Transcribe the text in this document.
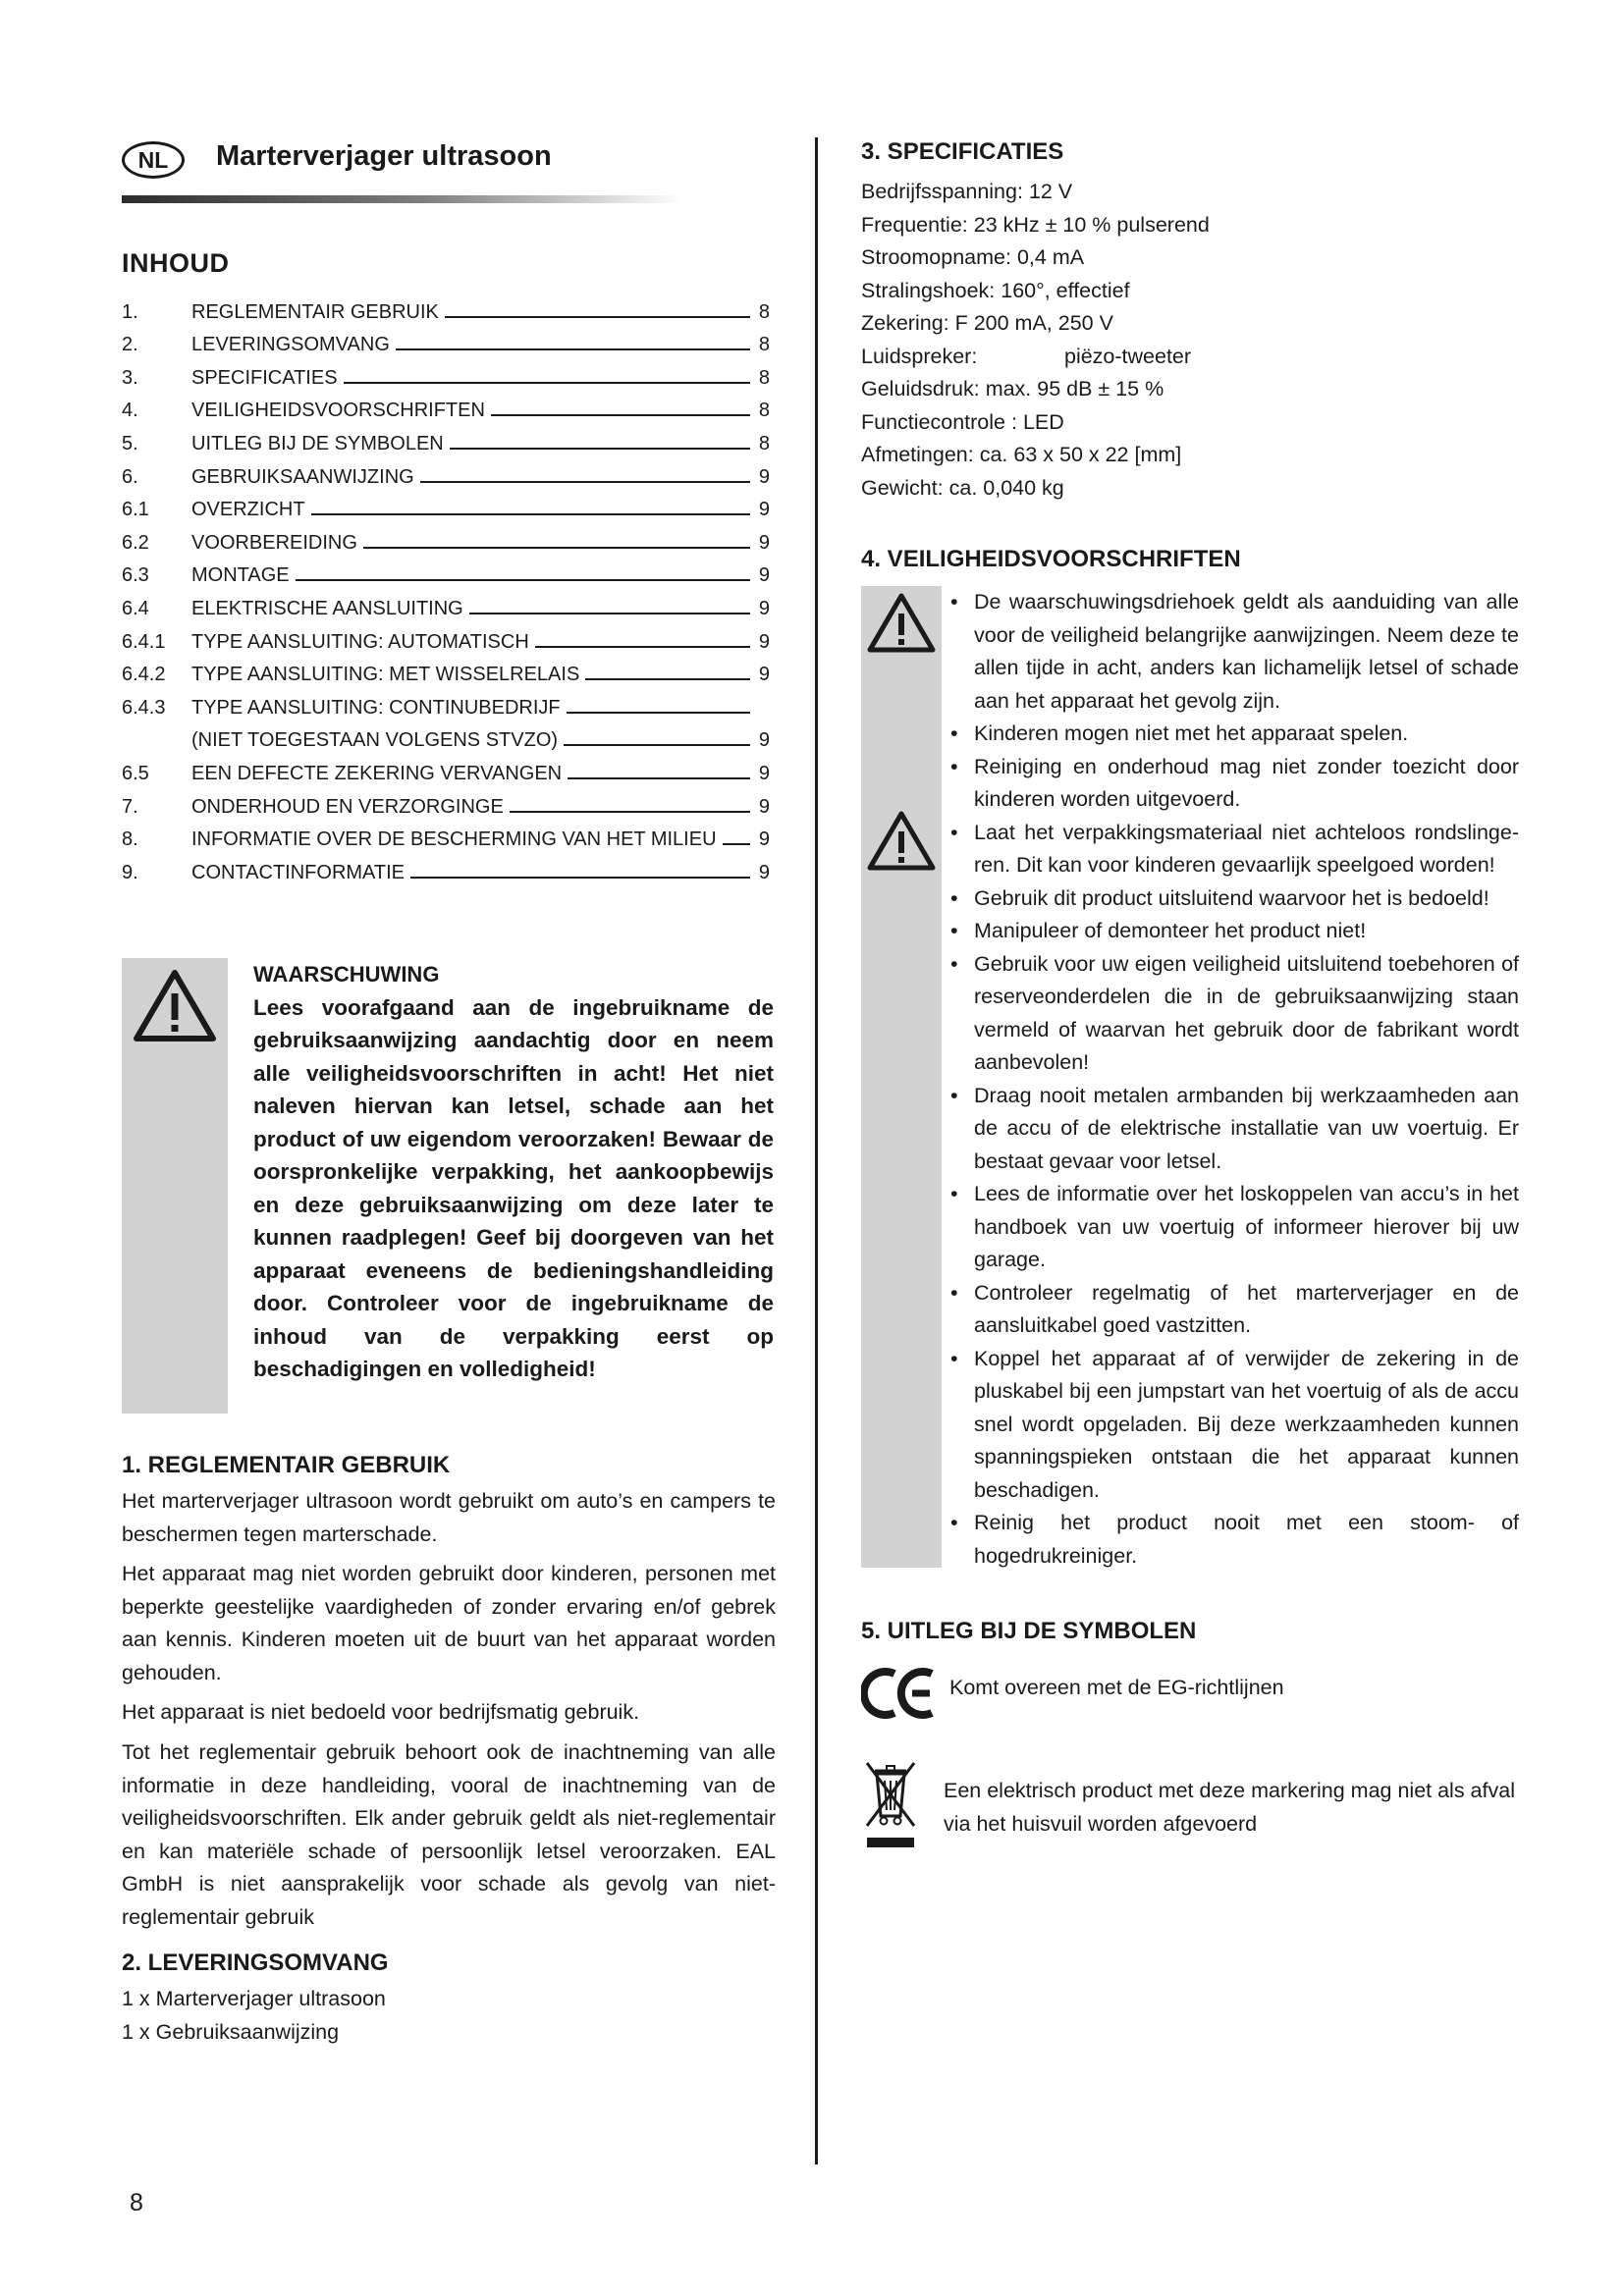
NL	Marterverjager ultrasoon
INHOUD
1.	REGLEMENTAIR GEBRUIK	8
2.	LEVERINGSOMVANG	8
3.	SPECIFICATIES	8
4.	VEILIGHEIDSVOORSCHRIFTEN	8
5.	UITLEG BIJ DE SYMBOLEN	8
6.	GEBRUIKSAANWIJZING	9
6.1	OVERZICHT	9
6.2	VOORBEREIDING	9
6.3	MONTAGE	9
6.4	ELEKTRISCHE AANSLUITING	9
6.4.1	TYPE AANSLUITING: AUTOMATISCH	9
6.4.2	TYPE AANSLUITING: MET WISSELRELAIS	9
6.4.3	TYPE AANSLUITING: CONTINUBEDRIJF
(NIET TOEGESTAAN VOLGENS STVZO)	9
6.5	EEN DEFECTE ZEKERING VERVANGEN	9
7.	ONDERHOUD EN VERZORGINGE	9
8.	INFORMATIE OVER DE BESCHERMING VAN HET MILIEU 9
9.	CONTACTINFORMATIE	9
WAARSCHUWING
Lees voorafgaand aan de ingebruikname de gebruiksaanwijzing aandachtig door en neem alle veiligheidsvoorschriften in acht! Het niet naleven hiervan kan letsel, schade aan het product of uw eigendom veroorzaken! Bewaar de oorspronkelijke verpakking, het aankoopbewijs en deze gebruiksaanwijzing om deze later te kunnen raadplegen! Geef bij doorgeven van het apparaat eveneens de bedieningshandleiding door. Controleer voor de ingebruikname de inhoud van de verpakking eerst op beschadigingen en volledigheid!
1. REGLEMENTAIR GEBRUIK
Het marterverjager ultrasoon wordt gebruikt om auto’s en campers te beschermen tegen marterschade.
Het apparaat mag niet worden gebruikt door kinderen, personen met beperkte geestelijke vaardigheden of zonder ervaring en/of gebrek aan kennis. Kinderen moeten uit de buurt van het apparaat worden gehouden.
Het apparaat is niet bedoeld voor bedrijfsmatig gebruik.
Tot het reglementair gebruik behoort ook de inachtneming van alle informatie in deze handleiding, vooral de inachtneming van de veiligheidsvoorschriften. Elk ander gebruik geldt als niet-reglementair en kan materiële schade of persoonlijk letsel veroorzaken. EAL GmbH is niet aansprakelijk voor schade als gevolg van niet-reglementair gebruik
2. LEVERINGSOMVANG
1 x Marterverjager ultrasoon
1 x Gebruiksaanwijzing
3. SPECIFICATIES
Bedrijfsspanning: 12 V
Frequentie: 23 kHz ± 10 % pulserend
Stroomopname: 0,4 mA
Stralingshoek: 160°, effectief
Zekering: F 200 mA, 250 V
Luidspreker:	piëzo-tweeter
Geluidsdruk: max. 95 dB ± 15 %
Functiecontrole : LED
Afmetingen: ca. 63 x 50 x 22 [mm]
Gewicht: ca. 0,040 kg
4. VEILIGHEIDSVOORSCHRIFTEN
• De waarschuwingsdriehoek geldt als aanduiding van alle voor de veiligheid belangrijke aanwijzingen. Neem deze te allen tijde in acht, anders kan lichamelijk letsel of schade aan het apparaat het gevolg zijn.
• Kinderen mogen niet met het apparaat spelen.
• Reiniging en onderhoud mag niet zonder toezicht door kinderen worden uitgevoerd.
• Laat het verpakkingsmateriaal niet achteloos rondslinge-ren. Dit kan voor kinderen gevaarlijk speelgoed worden!
• Gebruik dit product uitsluitend waarvoor het is bedoeld!
• Manipuleer of demonteer het product niet!
• Gebruik voor uw eigen veiligheid uitsluitend toebehoren of reserveonderdelen die in de gebruiksaanwijzing staan vermeld of waarvan het gebruik door de fabrikant wordt aanbevolen!
• Draag nooit metalen armbanden bij werkzaamheden aan de accu of de elektrische installatie van uw voertuig. Er bestaat gevaar voor letsel.
• Lees de informatie over het loskoppelen van accu’s in het handboek van uw voertuig of informeer hierover bij uw garage.
• Controleer regelmatig of het marterverjager en de aansluitkabel goed vastzitten.
• Koppel het apparaat af of verwijder de zekering in de pluskabel bij een jumpstart van het voertuig of als de accu snel wordt opgeladen. Bij deze werkzaamheden kunnen spanningspieken ontstaan die het apparaat kunnen beschadigen.
• Reinig het product nooit met een stoom- of hogedrukreiniger.
5. UITLEG BIJ DE SYMBOLEN
Komt overeen met de EG-richtlijnen
Een elektrisch product met deze markering mag niet als afval via het huisvuil worden afgevoerd
8
